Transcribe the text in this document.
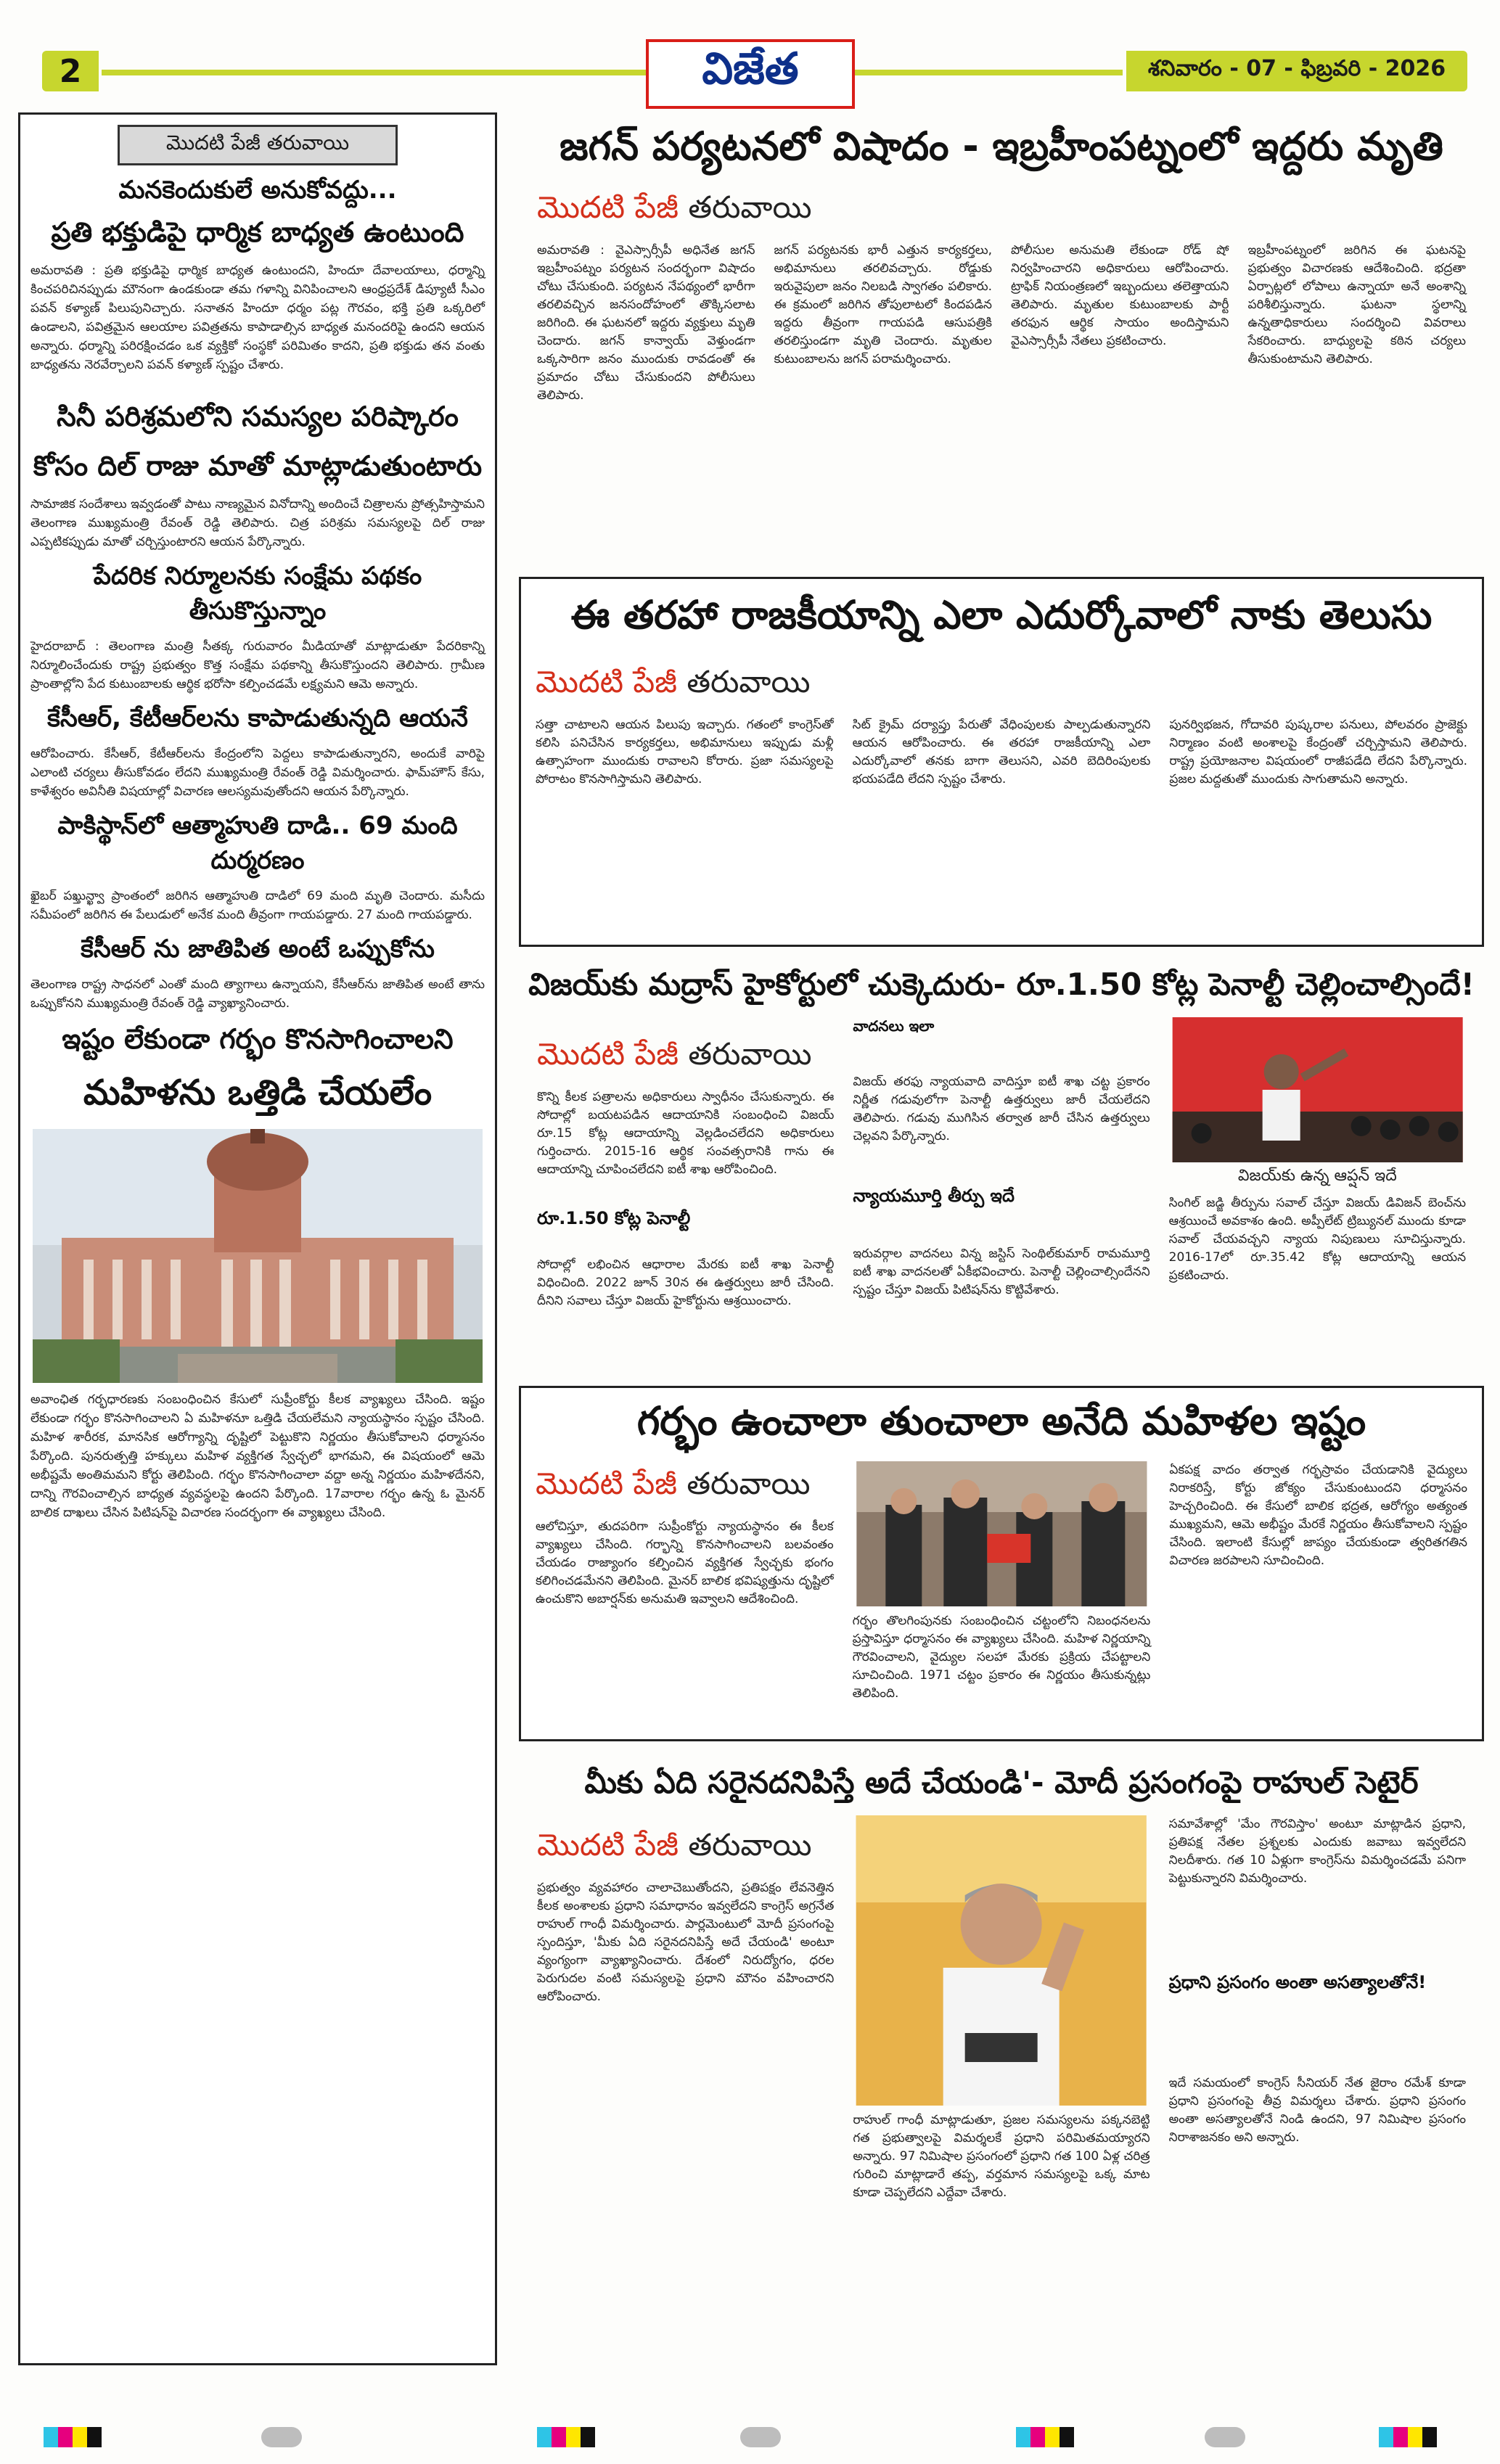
2	విజేత	శనివారం - 07 - ఫిబ్రవరి - 2026
మొదటి పేజీ తరువాయి
మనకెందుకులే అనుకోవద్దు...
ప్రతి భక్తుడిపై ధార్మిక బాధ్యత ఉంటుంది

అమరావతి : ప్రతి భక్తుడిపై ధార్మిక బాధ్యత ఉంటుందని, హిందూ దేవాలయాలు, ధర్మాన్ని కించపరిచినప్పుడు మౌనంగా ఉండకుండా తమ గళాన్ని వినిపించాలని ఆంధ్రప్రదేశ్ డిప్యూటీ సీఎం పవన్ కళ్యాణ్ పిలుపునిచ్చారు. సనాతన హిందూ ధర్మం పట్ల గౌరవం, భక్తి ప్రతి ఒక్కరిలో ఉండాలని, పవిత్రమైన ఆలయాల పవిత్రతను కాపాడాల్సిన బాధ్యత మనందరిపై ఉందని ఆయన అన్నారు. ధర్మాన్ని పరిరక్షించడం ఒక వ్యక్తికో సంస్థకో పరిమితం కాదని, ప్రతి భక్తుడు తన వంతు బాధ్యతను నెరవేర్చాలని పవన్ కళ్యాణ్ స్పష్టం చేశారు.

సినీ పరిశ్రమలోని సమస్యల పరిష్కారం
కోసం దిల్ రాజు మాతో మాట్లాడుతుంటారు

సామాజిక సందేశాలు ఇవ్వడంతో పాటు నాణ్యమైన వినోదాన్ని అందించే చిత్రాలను ప్రోత్సహిస్తామని తెలంగాణ ముఖ్యమంత్రి రేవంత్ రెడ్డి తెలిపారు. చిత్ర పరిశ్రమ సమస్యలపై దిల్ రాజు ఎప్పటికప్పుడు మాతో చర్చిస్తుంటారని ఆయన పేర్కొన్నారు.

పేదరిక నిర్మూలనకు సంక్షేమ పథకం తీసుకొస్తున్నాం

హైదరాబాద్ : తెలంగాణ మంత్రి సీతక్క గురువారం మీడియాతో మాట్లాడుతూ పేదరికాన్ని నిర్మూలించేందుకు రాష్ట్ర ప్రభుత్వం కొత్త సంక్షేమ పథకాన్ని తీసుకొస్తుందని తెలిపారు. గ్రామీణ ప్రాంతాల్లోని పేద కుటుంబాలకు ఆర్థిక భరోసా కల్పించడమే లక్ష్యమని ఆమె అన్నారు.

కేసీఆర్, కేటీఆర్‌లను కాపాడుతున్నది ఆయనే

ఆరోపించారు. కేసీఆర్, కేటీఆర్‌లను కేంద్రంలోని పెద్దలు కాపాడుతున్నారని, అందుకే వారిపై ఎలాంటి చర్యలు తీసుకోవడం లేదని ముఖ్యమంత్రి రేవంత్ రెడ్డి విమర్శించారు. ఫామ్‌హౌస్ కేసు, కాళేశ్వరం అవినీతి విషయాల్లో విచారణ ఆలస్యమవుతోందని ఆయన పేర్కొన్నారు.

పాకిస్థాన్‌లో ఆత్మాహుతి దాడి.. 69 మంది దుర్మరణం

ఖైబర్ పఖ్తున్ఖ్వా ప్రాంతంలో జరిగిన ఆత్మాహుతి దాడిలో 69 మంది మృతి చెందారు. మసీదు సమీపంలో జరిగిన ఈ పేలుడులో అనేక మంది తీవ్రంగా గాయపడ్డారు. 27 మంది గాయపడ్డారు.

కేసీఆర్ ను జాతిపిత అంటే ఒప్పుకోను

తెలంగాణ రాష్ట్ర సాధనలో ఎంతో మంది త్యాగాలు ఉన్నాయని, కేసీఆర్‌ను జాతిపిత అంటే తాను ఒప్పుకోనని ముఖ్యమంత్రి రేవంత్ రెడ్డి వ్యాఖ్యానించారు.

ఇష్టం లేకుండా గర్భం కొనసాగించాలని
మహిళను ఒత్తిడి చేయలేం

అవాంఛిత గర్భధారణకు సంబంధించిన కేసులో సుప్రీంకోర్టు కీలక వ్యాఖ్యలు చేసింది. ఇష్టం లేకుండా గర్భం కొనసాగించాలని ఏ మహిళనూ ఒత్తిడి చేయలేమని న్యాయస్థానం స్పష్టం చేసింది. మహిళ శారీరక, మానసిక ఆరోగ్యాన్ని దృష్టిలో పెట్టుకొని నిర్ణయం తీసుకోవాలని ధర్మాసనం పేర్కొంది. పునరుత్పత్తి హక్కులు మహిళ వ్యక్తిగత స్వేచ్ఛలో భాగమని, ఈ విషయంలో ఆమె అభీష్టమే అంతిమమని కోర్టు తెలిపింది. గర్భం కొనసాగించాలా వద్దా అన్న నిర్ణయం మహిళదేనని, దాన్ని గౌరవించాల్సిన బాధ్యత వ్యవస్థలపై ఉందని పేర్కొంది. 17వారాల గర్భం ఉన్న ఓ మైనర్ బాలిక దాఖలు చేసిన పిటిషన్‌పై విచారణ సందర్భంగా ఈ వ్యాఖ్యలు చేసింది.

జగన్ పర్యటనలో విషాదం - ఇబ్రహీంపట్నంలో ఇద్దరు మృతి
మొదటి పేజీ తరువాయి

అమరావతి : వైఎస్సార్సీపీ అధినేత జగన్ ఇబ్రహీంపట్నం పర్యటన సందర్భంగా విషాదం చోటు చేసుకుంది. పర్యటన నేపథ్యంలో భారీగా తరలివచ్చిన జనసందోహంలో తొక్కిసలాట జరిగింది. ఈ ఘటనలో ఇద్దరు వ్యక్తులు మృతి చెందారు. జగన్ కాన్వాయ్ వెళ్తుండగా ఒక్కసారిగా జనం ముందుకు రావడంతో ఈ ప్రమాదం చోటు చేసుకుందని పోలీసులు తెలిపారు.

జగన్ పర్యటనకు భారీ ఎత్తున కార్యకర్తలు, అభిమానులు తరలివచ్చారు. రోడ్డుకు ఇరువైపులా జనం నిలబడి స్వాగతం పలికారు. ఈ క్రమంలో జరిగిన తోపులాటలో కిందపడిన ఇద్దరు తీవ్రంగా గాయపడి ఆసుపత్రికి తరలిస్తుండగా మృతి చెందారు. మృతుల కుటుంబాలను జగన్ పరామర్శించారు.

పోలీసుల అనుమతి లేకుండా రోడ్ షో నిర్వహించారని అధికారులు ఆరోపించారు. ట్రాఫిక్ నియంత్రణలో ఇబ్బందులు తలెత్తాయని తెలిపారు. మృతుల కుటుంబాలకు పార్టీ తరఫున ఆర్థిక సాయం అందిస్తామని వైఎస్సార్సీపీ నేతలు ప్రకటించారు.

ఇబ్రహీంపట్నంలో జరిగిన ఈ ఘటనపై ప్రభుత్వం విచారణకు ఆదేశించింది. భద్రతా ఏర్పాట్లలో లోపాలు ఉన్నాయా అనే అంశాన్ని పరిశీలిస్తున్నారు. ఘటనా స్థలాన్ని ఉన్నతాధికారులు సందర్శించి వివరాలు సేకరించారు. బాధ్యులపై కఠిన చర్యలు తీసుకుంటామని తెలిపారు.

ఈ తరహా రాజకీయాన్ని ఎలా ఎదుర్కోవాలో నాకు తెలుసు
మొదటి పేజీ తరువాయి

సత్తా చాటాలని ఆయన పిలుపు ఇచ్చారు. గతంలో కాంగ్రెస్‌తో కలిసి పనిచేసిన కార్యకర్తలు, అభిమానులు ఇప్పుడు మళ్లీ ఉత్సాహంగా ముందుకు రావాలని కోరారు. ప్రజా సమస్యలపై పోరాటం కొనసాగిస్తామని తెలిపారు.

సిట్ క్రైమ్ దర్యాప్తు పేరుతో వేధింపులకు పాల్పడుతున్నారని ఆయన ఆరోపించారు. ఈ తరహా రాజకీయాన్ని ఎలా ఎదుర్కోవాలో తనకు బాగా తెలుసని, ఎవరి బెదిరింపులకు భయపడేది లేదని స్పష్టం చేశారు.

పునర్విభజన, గోదావరి పుష్కరాల పనులు, పోలవరం ప్రాజెక్టు నిర్మాణం వంటి అంశాలపై కేంద్రంతో చర్చిస్తామని తెలిపారు. రాష్ట్ర ప్రయోజనాల విషయంలో రాజీపడేది లేదని పేర్కొన్నారు. ప్రజల మద్దతుతో ముందుకు సాగుతామని అన్నారు.

విజయ్‌కు మద్రాస్ హైకోర్టులో చుక్కెదురు- రూ.1.50 కోట్ల పెనాల్టీ చెల్లించాల్సిందే!
మొదటి పేజీ తరువాయి

కొన్ని కీలక పత్రాలను అధికారులు స్వాధీనం చేసుకున్నారు. ఈ సోదాల్లో బయటపడిన ఆదాయానికి సంబంధించి విజయ్ రూ.15 కోట్ల ఆదాయాన్ని వెల్లడించలేదని అధికారులు గుర్తించారు. 2015-16 ఆర్థిక సంవత్సరానికి గాను ఈ ఆదాయాన్ని చూపించలేదని ఐటీ శాఖ ఆరోపించింది.

రూ.1.50 కోట్ల పెనాల్టీ

సోదాల్లో లభించిన ఆధారాల మేరకు ఐటీ శాఖ పెనాల్టీ విధించింది. 2022 జూన్ 30న ఈ ఉత్తర్వులు జారీ చేసింది. దీనిని సవాలు చేస్తూ విజయ్ హైకోర్టును ఆశ్రయించారు.

వాదనలు ఇలా

విజయ్ తరఫు న్యాయవాది వాదిస్తూ ఐటీ శాఖ చట్ట ప్రకారం నిర్ణీత గడువులోగా పెనాల్టీ ఉత్తర్వులు జారీ చేయలేదని తెలిపారు. గడువు ముగిసిన తర్వాత జారీ చేసిన ఉత్తర్వులు చెల్లవని పేర్కొన్నారు.

న్యాయమూర్తి తీర్పు ఇదే

ఇరువర్గాల వాదనలు విన్న జస్టిస్ సెంథిల్‌కుమార్ రామమూర్తి ఐటీ శాఖ వాదనలతో ఏకీభవించారు. పెనాల్టీ చెల్లించాల్సిందేనని స్పష్టం చేస్తూ విజయ్ పిటిషన్‌ను కొట్టివేశారు.

విజయ్‌కు ఉన్న ఆప్షన్ ఇదే

సింగిల్ జడ్జి తీర్పును సవాల్ చేస్తూ విజయ్ డివిజన్ బెంచ్‌ను ఆశ్రయించే అవకాశం ఉంది. అప్పీలేట్ ట్రిబ్యునల్ ముందు కూడా సవాల్ చేయవచ్చని న్యాయ నిపుణులు సూచిస్తున్నారు. 2016-17లో రూ.35.42 కోట్ల ఆదాయాన్ని ఆయన ప్రకటించారు.

గర్భం ఉంచాలా తుంచాలా అనేది మహిళల ఇష్టం
మొదటి పేజీ తరువాయి

ఆలోచిస్తూ, తుదపరిగా సుప్రీంకోర్టు న్యాయస్థానం ఈ కీలక వ్యాఖ్యలు చేసింది. గర్భాన్ని కొనసాగించాలని బలవంతం చేయడం రాజ్యాంగం కల్పించిన వ్యక్తిగత స్వేచ్ఛకు భంగం కలిగించడమేనని తెలిపింది. మైనర్ బాలిక భవిష్యత్తును దృష్టిలో ఉంచుకొని అబార్షన్‌కు అనుమతి ఇవ్వాలని ఆదేశించింది.

గర్భం తొలగింపునకు సంబంధించిన చట్టంలోని నిబంధనలను ప్రస్తావిస్తూ ధర్మాసనం ఈ వ్యాఖ్యలు చేసింది. మహిళ నిర్ణయాన్ని గౌరవించాలని, వైద్యుల సలహా మేరకు ప్రక్రియ చేపట్టాలని సూచించింది. 1971 చట్టం ప్రకారం ఈ నిర్ణయం తీసుకున్నట్లు తెలిపింది.

ఏకపక్ష వాదం తర్వాత గర్భస్రావం చేయడానికి వైద్యులు నిరాకరిస్తే, కోర్టు జోక్యం చేసుకుంటుందని ధర్మాసనం హెచ్చరించింది. ఈ కేసులో బాలిక భద్రత, ఆరోగ్యం అత్యంత ముఖ్యమని, ఆమె అభీష్టం మేరకే నిర్ణయం తీసుకోవాలని స్పష్టం చేసింది. ఇలాంటి కేసుల్లో జాప్యం చేయకుండా త్వరితగతిన విచారణ జరపాలని సూచించింది.

మీకు ఏది సరైనదనిపిస్తే అదే చేయండి'- మోదీ ప్రసంగంపై రాహుల్ సెటైర్
మొదటి పేజీ తరువాయి

ప్రభుత్వం వ్యవహారం చాలాచెబుతోందని, ప్రతిపక్షం లేవనెత్తిన కీలక అంశాలకు ప్రధాని సమాధానం ఇవ్వలేదని కాంగ్రెస్ అగ్రనేత రాహుల్ గాంధీ విమర్శించారు. పార్లమెంటులో మోదీ ప్రసంగంపై స్పందిస్తూ, 'మీకు ఏది సరైనదనిపిస్తే అదే చేయండి' అంటూ వ్యంగ్యంగా వ్యాఖ్యానించారు. దేశంలో నిరుద్యోగం, ధరల పెరుగుదల వంటి సమస్యలపై ప్రధాని మౌనం వహించారని ఆరోపించారు.

రాహుల్ గాంధీ మాట్లాడుతూ, ప్రజల సమస్యలను పక్కనబెట్టి గత ప్రభుత్వాలపై విమర్శలకే ప్రధాని పరిమితమయ్యారని అన్నారు. 97 నిమిషాల ప్రసంగంలో ప్రధాని గత 100 ఏళ్ల చరిత్ర గురించి మాట్లాడారే తప్ప, వర్తమాన సమస్యలపై ఒక్క మాట కూడా చెప్పలేదని ఎద్దేవా చేశారు.

సమావేశాల్లో 'మేం గౌరవిస్తాం' అంటూ మాట్లాడిన ప్రధాని, ప్రతిపక్ష నేతల ప్రశ్నలకు ఎందుకు జవాబు ఇవ్వలేదని నిలదీశారు. గత 10 ఏళ్లుగా కాంగ్రెస్‌ను విమర్శించడమే పనిగా పెట్టుకున్నారని విమర్శించారు.

ప్రధాని ప్రసంగం అంతా అసత్యాలతోనే!

ఇదే సమయంలో కాంగ్రెస్ సీనియర్ నేత జైరాం రమేశ్ కూడా ప్రధాని ప్రసంగంపై తీవ్ర విమర్శలు చేశారు. ప్రధాని ప్రసంగం అంతా అసత్యాలతోనే నిండి ఉందని, 97 నిమిషాల ప్రసంగం నిరాశాజనకం అని అన్నారు.
